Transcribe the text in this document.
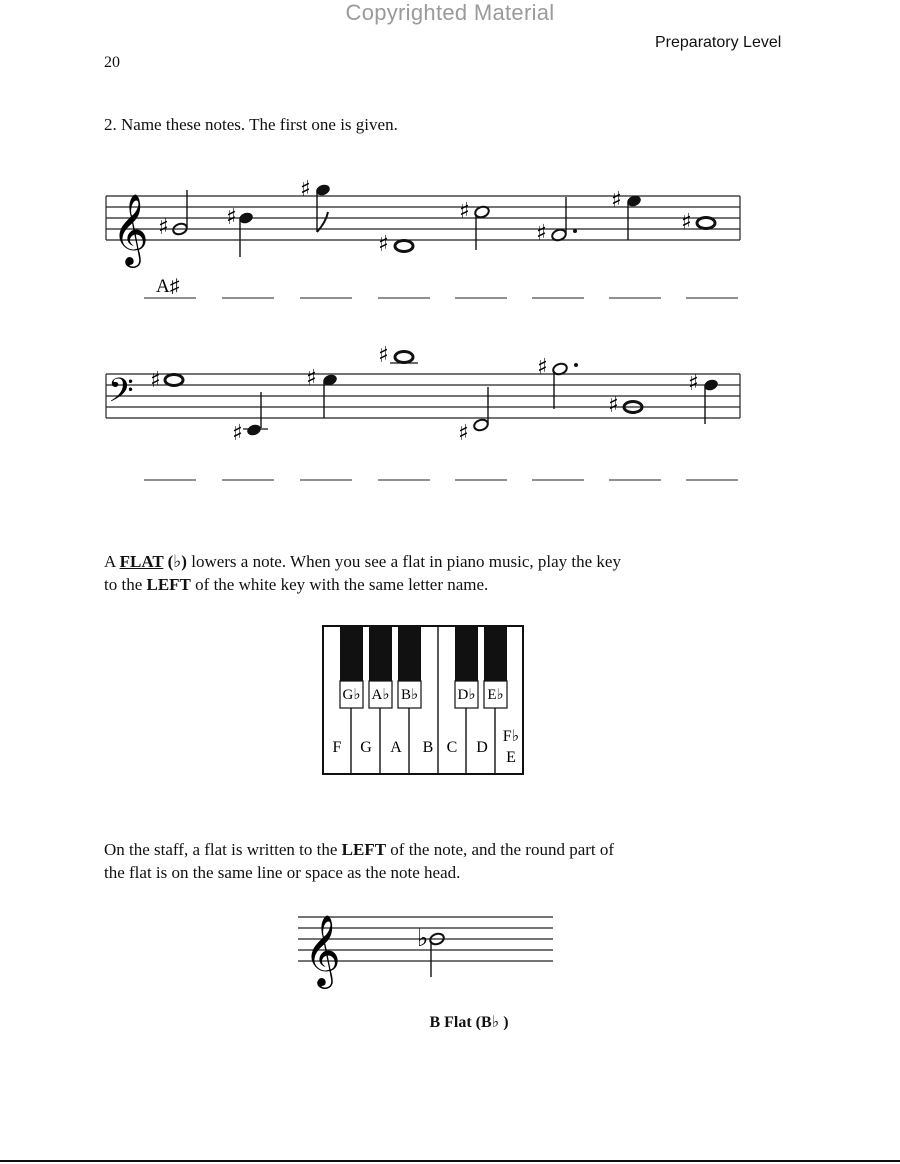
Copyrighted Material
Preparatory Level
20
2. Name these notes. The first one is given.
𝄞 ♯	♯
♯
♯
♯
♯
♯
♯
A♯
𝄢 ♯
♯
♯
♯
♯
♯
♯
♯
A FLAT (♭) lowers a note. When you see a flat in piano music, play the key
to the LEFT of the white key with the same letter name.
G♭ A♭ B♭	D♭ E♭
F G A B C D
F♭
E
On the staff, a flat is written to the LEFT of the note, and the round part of
the flat is on the same line or space as the note head.
𝄞	♭
B Flat (B♭ )
